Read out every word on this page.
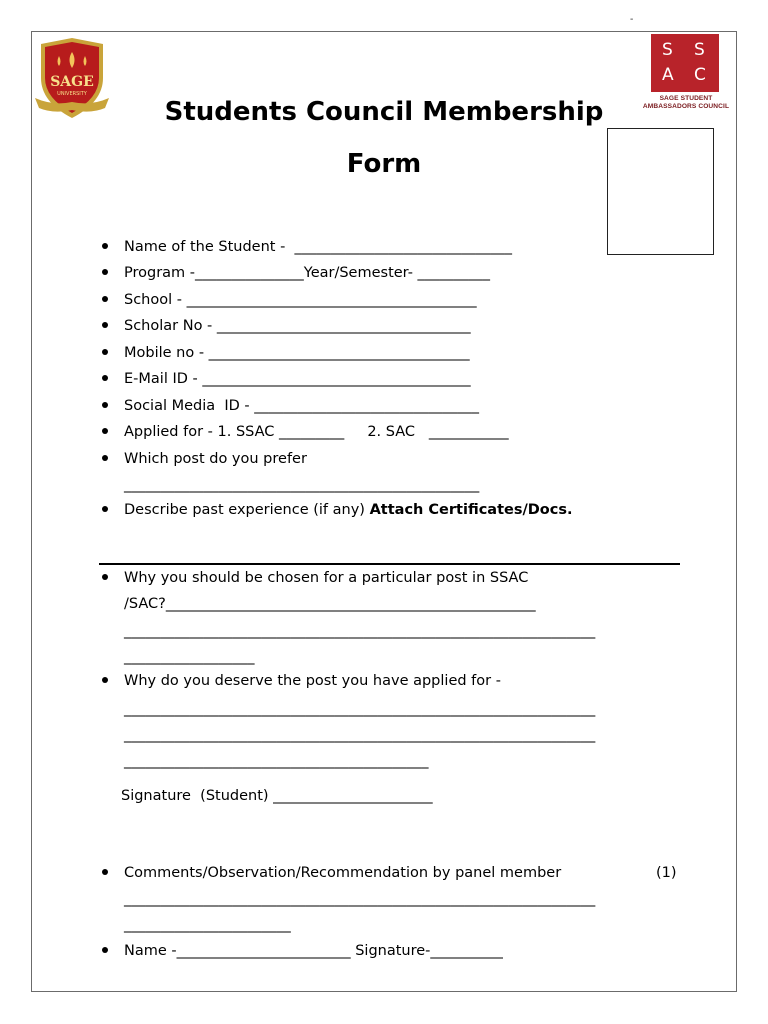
-
SAGE
UNIVERSITY
S S
A C
SAGE STUDENT
AMBASSADORS COUNCIL
Students Council Membership
Form
Name of the Student -  ______________________________
Program -_______________Year/Semester- __________
School - ________________________________________
Scholar No - ___________________________________
Mobile no - ____________________________________
E-Mail ID - _____________________________________
Social Media  ID - _______________________________
Applied for - 1. SSAC _________     2. SAC   ___________
Which post do you prefer
_________________________________________________
Describe past experience (if any) Attach Certificates/Docs.
Why you should be chosen for a particular post in SSAC
/SAC?___________________________________________________
_________________________________________________________________
__________________
Why do you deserve the post you have applied for -
_________________________________________________________________
_________________________________________________________________
__________________________________________
Signature  (Student) ______________________
Comments/Observation/Recommendation by panel member	(1)
_________________________________________________________________
_______________________
Name -________________________ Signature-__________
